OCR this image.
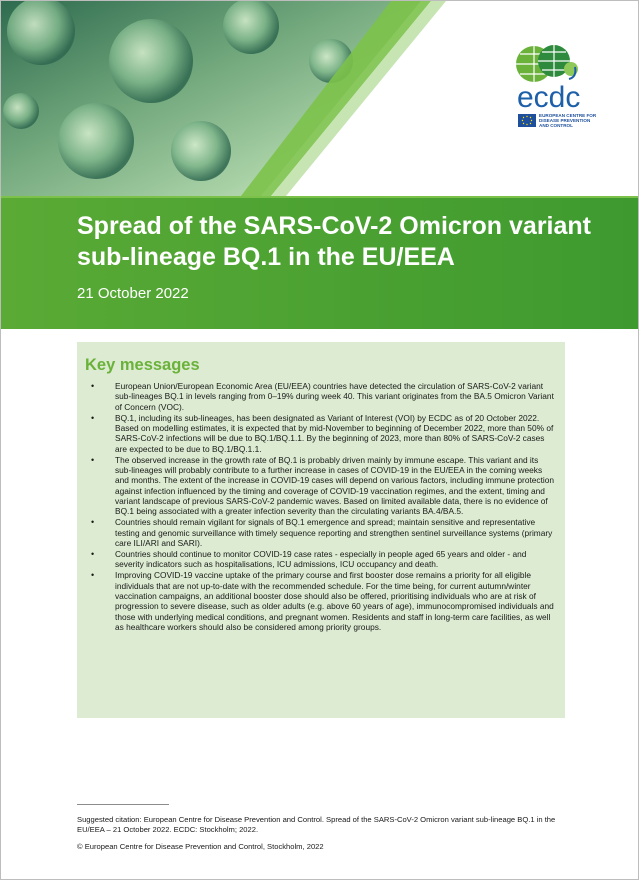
ecdc
EUROPEAN CENTRE FOR
DISEASE PREVENTION
AND CONTROL
EPIDEMIOLOGICAL UPDATE
Spread of the SARS-CoV-2 Omicron variant sub-lineage BQ.1 in the EU/EEA
21 October 2022
Key messages
• European Union/European Economic Area (EU/EEA) countries have detected the circulation of SARS-CoV-2 variant sub-lineages BQ.1 in levels ranging from 0–19% during week 40. This variant originates from the BA.5 Omicron Variant of Concern (VOC).
• BQ.1, including its sub-lineages, has been designated as Variant of Interest (VOI) by ECDC as of 20 October 2022. Based on modelling estimates, it is expected that by mid-November to beginning of December 2022, more than 50% of SARS-CoV-2 infections will be due to BQ.1/BQ.1.1. By the beginning of 2023, more than 80% of SARS-CoV-2 cases are expected to be due to BQ.1/BQ.1.1.
• The observed increase in the growth rate of BQ.1 is probably driven mainly by immune escape. This variant and its sub-lineages will probably contribute to a further increase in cases of COVID-19 in the EU/EEA in the coming weeks and months. The extent of the increase in COVID-19 cases will depend on various factors, including immune protection against infection influenced by the timing and coverage of COVID-19 vaccination regimes, and the extent, timing and variant landscape of previous SARS-CoV-2 pandemic waves. Based on limited available data, there is no evidence of BQ.1 being associated with a greater infection severity than the circulating variants BA.4/BA.5.
• Countries should remain vigilant for signals of BQ.1 emergence and spread; maintain sensitive and representative testing and genomic surveillance with timely sequence reporting and strengthen sentinel surveillance systems (primary care ILI/ARI and SARI).
• Countries should continue to monitor COVID-19 case rates - especially in people aged 65 years and older - and severity indicators such as hospitalisations, ICU admissions, ICU occupancy and death.
• Improving COVID-19 vaccine uptake of the primary course and first booster dose remains a priority for all eligible individuals that are not up-to-date with the recommended schedule. For the time being, for current autumn/winter vaccination campaigns, an additional booster dose should also be offered, prioritising individuals who are at risk of progression to severe disease, such as older adults (e.g. above 60 years of age), immunocompromised individuals and those with underlying medical conditions, and pregnant women. Residents and staff in long-term care facilities, as well as healthcare workers should also be considered among priority groups.
Suggested citation: European Centre for Disease Prevention and Control. Spread of the SARS-CoV-2 Omicron variant sub-lineage BQ.1 in the EU/EEA – 21 October 2022. ECDC: Stockholm; 2022.
© European Centre for Disease Prevention and Control, Stockholm, 2022
